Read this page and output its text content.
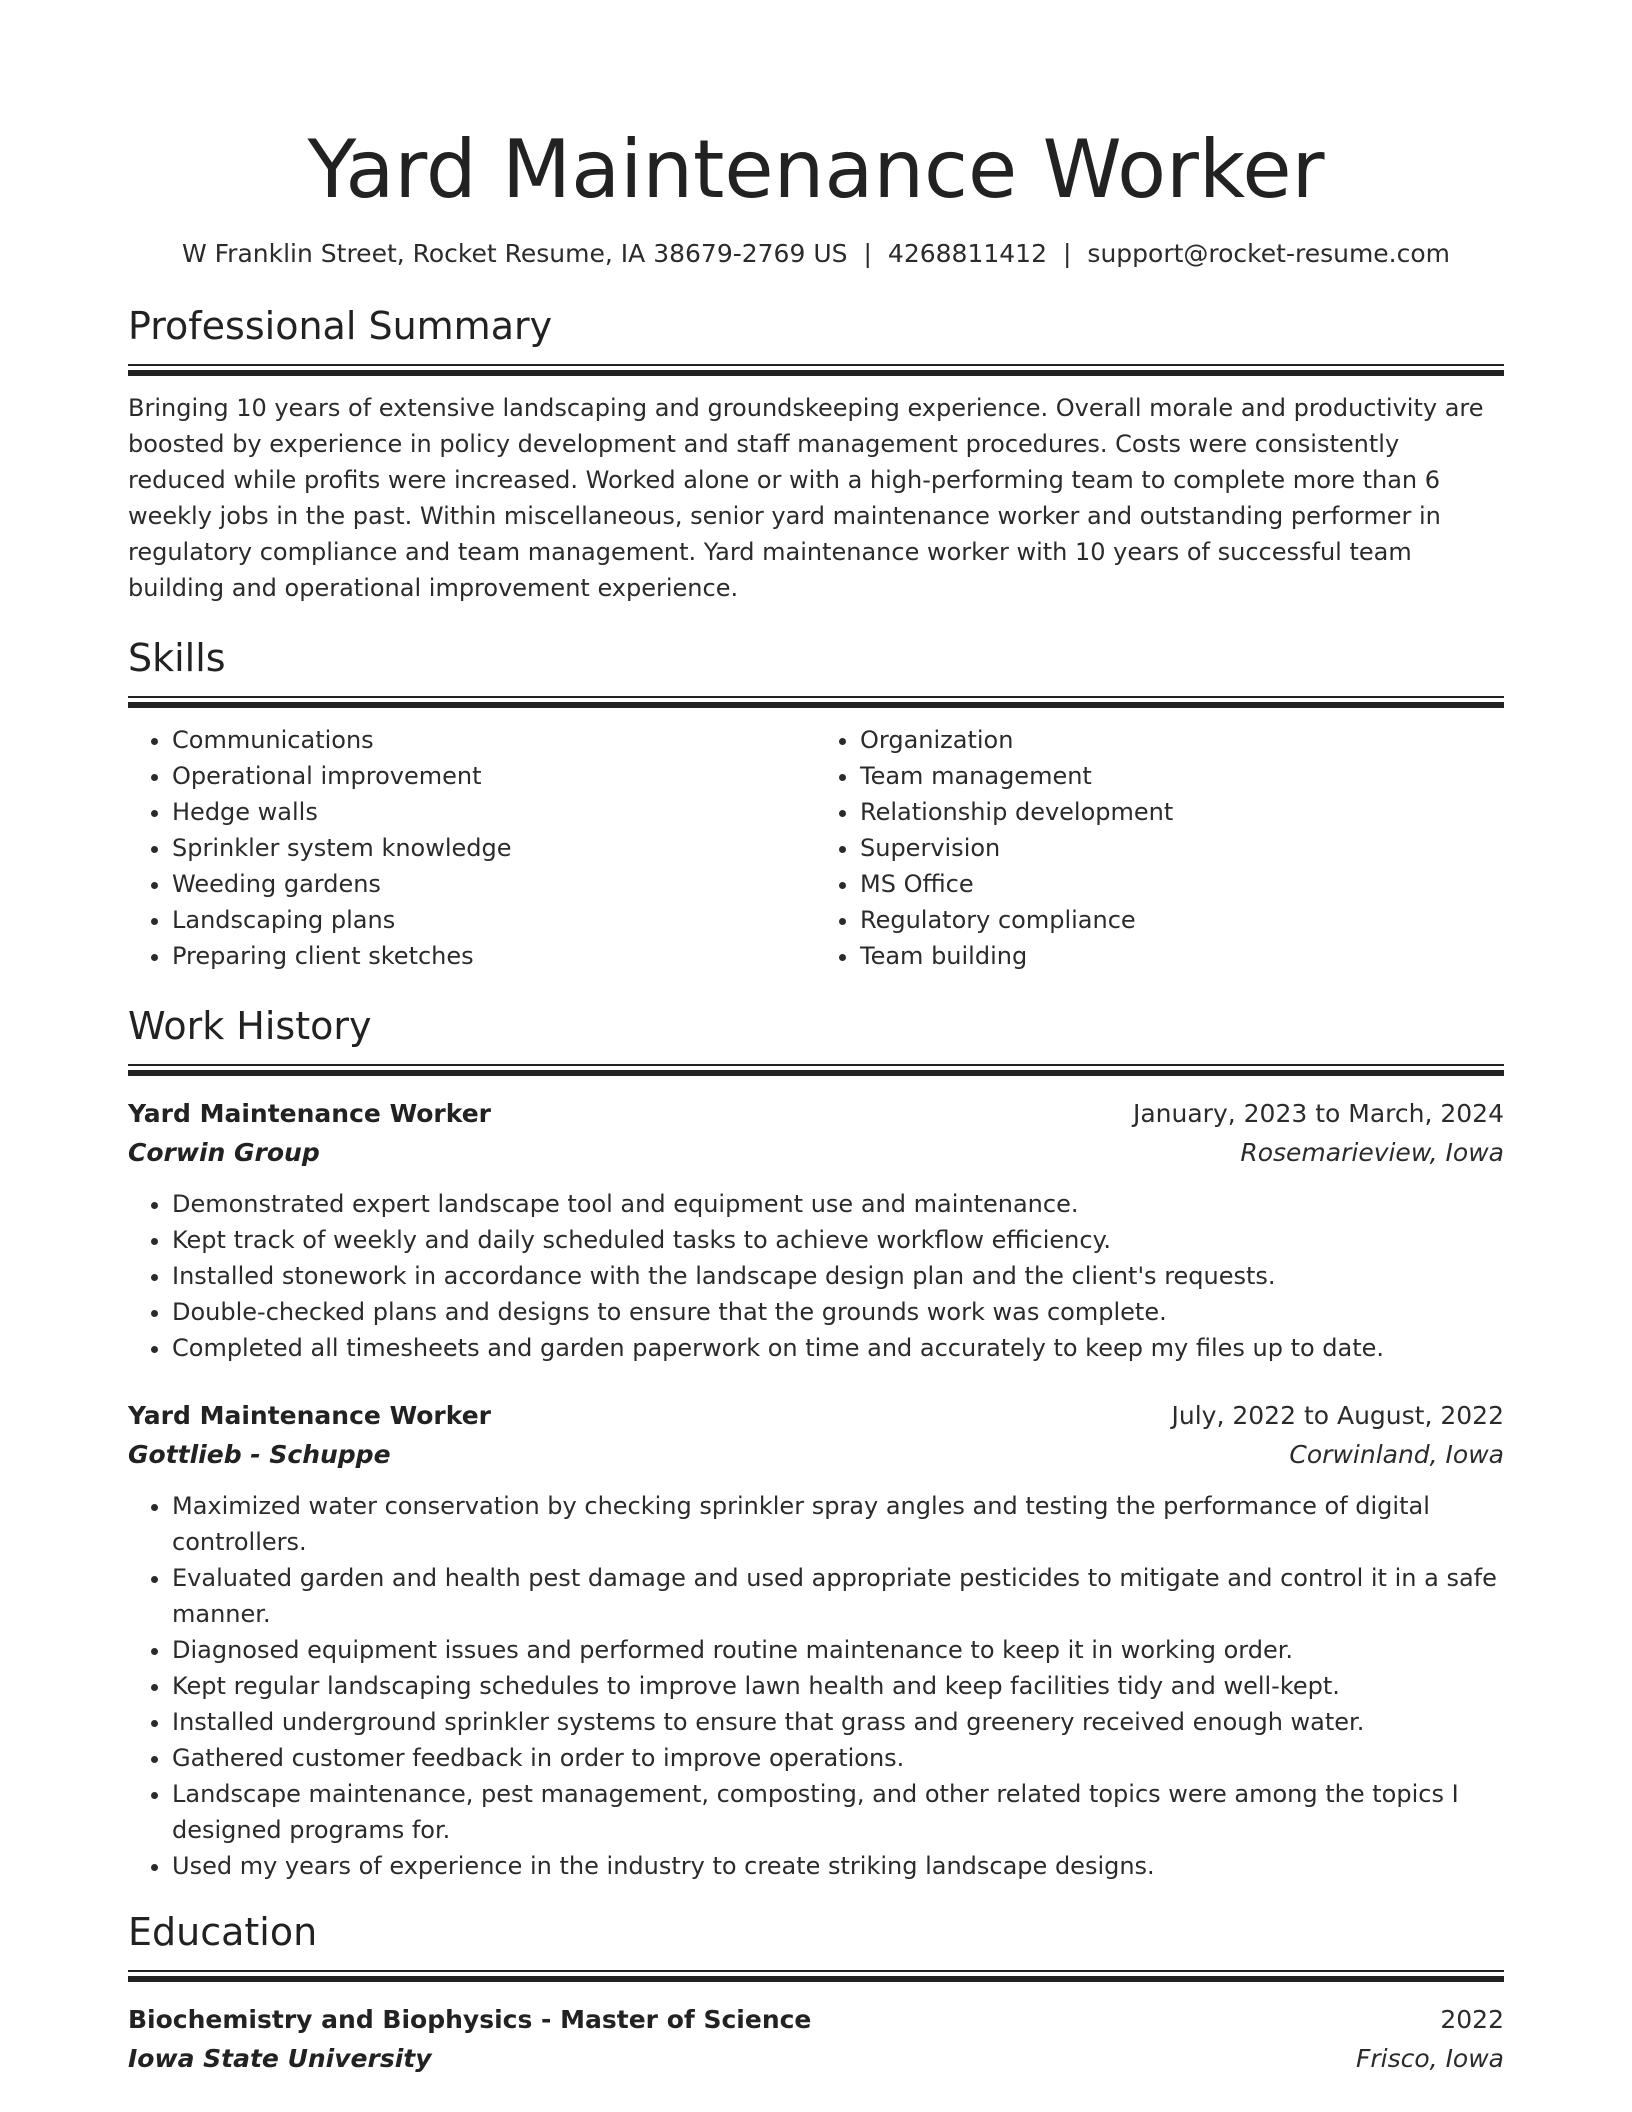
Yard Maintenance Worker
W Franklin Street, Rocket Resume, IA 38679-2769 US | 4268811412 | support@rocket-resume.com
Professional Summary

Bringing 10 years of extensive landscaping and groundskeeping experience. Overall morale and productivity are boosted by experience in policy development and staff management procedures. Costs were consistently reduced while profits were increased. Worked alone or with a high-performing team to complete more than 6 weekly jobs in the past. Within miscellaneous, senior yard maintenance worker and outstanding performer in regulatory compliance and team management. Yard maintenance worker with 10 years of successful team building and operational improvement experience.

Skills
• Communications
• Operational improvement
• Hedge walls
• Sprinkler system knowledge
• Weeding gardens
• Landscaping plans
• Preparing client sketches
• Organization
• Team management
• Relationship development
• Supervision
• MS Office
• Regulatory compliance
• Team building
Work History
Yard Maintenance Worker	January, 2023 to March, 2024
Corwin Group	Rosemarieview, Iowa
• Demonstrated expert landscape tool and equipment use and maintenance.
• Kept track of weekly and daily scheduled tasks to achieve workflow efficiency.
• Installed stonework in accordance with the landscape design plan and the client's requests.
• Double-checked plans and designs to ensure that the grounds work was complete.
• Completed all timesheets and garden paperwork on time and accurately to keep my files up to date.
Yard Maintenance Worker	July, 2022 to August, 2022
Gottlieb - Schuppe	Corwinland, Iowa
• Maximized water conservation by checking sprinkler spray angles and testing the performance of digital controllers.
• Evaluated garden and health pest damage and used appropriate pesticides to mitigate and control it in a safe manner.
• Diagnosed equipment issues and performed routine maintenance to keep it in working order.
• Kept regular landscaping schedules to improve lawn health and keep facilities tidy and well-kept.
• Installed underground sprinkler systems to ensure that grass and greenery received enough water.
• Gathered customer feedback in order to improve operations.
• Landscape maintenance, pest management, composting, and other related topics were among the topics I designed programs for.
• Used my years of experience in the industry to create striking landscape designs.
Education
Biochemistry and Biophysics - Master of Science	2022
Iowa State University	Frisco, Iowa
